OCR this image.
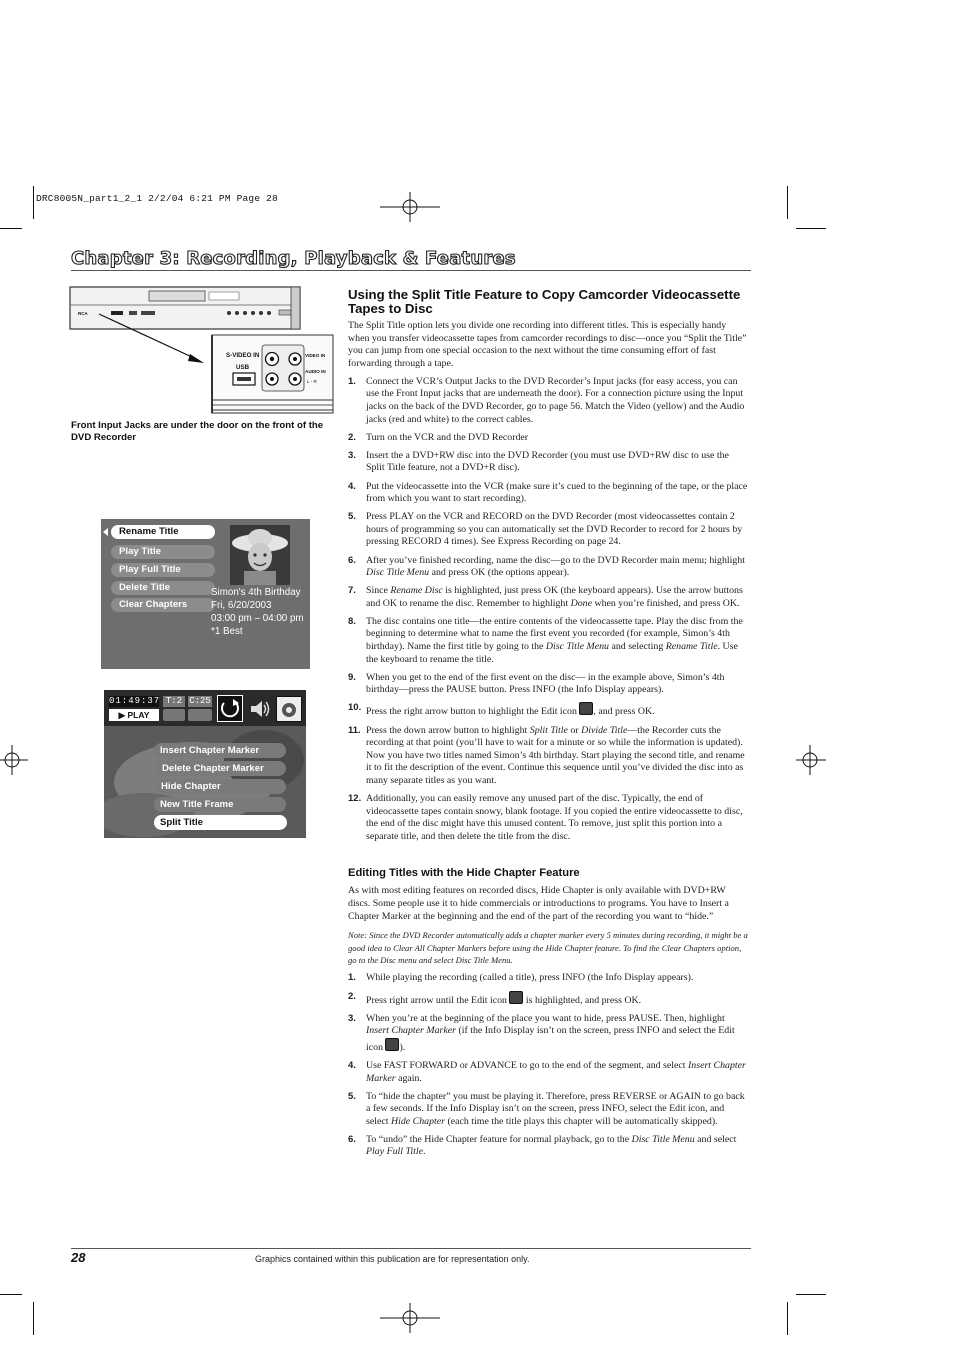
DRC8005N_part1_2_1 2/2/04 6:21 PM Page 28
Chapter 3: Recording, Playback & Features
S-VIDEO IN
USB
VIDEO IN
AUDIO IN
L - R
RCA
Front Input Jacks are under the door on the front of the DVD Recorder
Rename Title
Play Title
Play Full Title
Delete Title
Clear Chapters
Simon's 4th Birthday
Fri, 6/20/2003
03:00 pm – 04:00 pm
*1 Best
01:49:37
▶ PLAY
T:2 C:25
Insert Chapter Marker
Delete Chapter Marker
Hide Chapter
New Title Frame
Split Title
Using the Split Title Feature to Copy Camcorder Videocassette Tapes to Disc

The Split Title option lets you divide one recording into different titles. This is especially handy when you transfer videocassette tapes from camcorder recordings to disc—once you “Split the Title” you can jump from one special occasion to the next without the time consuming effort of fast forwarding through a tape.

1. Connect the VCR’s Output Jacks to the DVD Recorder’s Input jacks (for easy access, you can use the Front Input jacks that are underneath the door). For a connection picture using the Input jacks on the back of the DVD Recorder, go to page 56. Match the Video (yellow) and the Audio jacks (red and white) to the correct cables.
2. Turn on the VCR and the DVD Recorder
3. Insert the a DVD+RW disc into the DVD Recorder (you must use DVD+RW disc to use the Split Title feature, not a DVD+R disc).
4. Put the videocassette into the VCR (make sure it’s cued to the beginning of the tape, or the place from which you want to start recording).
5. Press PLAY on the VCR and RECORD on the DVD Recorder (most videocassettes contain 2 hours of programming so you can automatically set the DVD Recorder to record for 2 hours by pressing RECORD 4 times). See Express Recording on page 24.
6. After you’ve finished recording, name the disc—go to the DVD Recorder main menu; highlight Disc Title Menu and press OK (the options appear).
7. Since Rename Disc is highlighted, just press OK (the keyboard appears). Use the arrow buttons and OK to rename the disc. Remember to highlight Done when you’re finished, and press OK.
8. The disc contains one title—the entire contents of the videocassette tape. Play the disc from the beginning to determine what to name the first event you recorded (for example, Simon’s 4th birthday). Name the first title by going to the Disc Title Menu and selecting Rename Title. Use the keyboard to rename the title.
9. When you get to the end of the first event on the disc— in the example above, Simon’s 4th birthday—press the PAUSE button. Press INFO (the Info Display appears).
10. Press the right arrow button to highlight the Edit icon , and press OK.
11. Press the down arrow button to highlight Split Title or Divide Title—the Recorder cuts the recording at that point (you’ll have to wait for a minute or so while the information is updated). Now you have two titles named Simon’s 4th birthday. Start playing the second title, and rename it to fit the description of the event. Continue this sequence until you’ve divided the disc into as many separate titles as you want.
12. Additionally, you can easily remove any unused part of the disc. Typically, the end of videocassette tapes contain snowy, blank footage. If you copied the entire videocassette to disc, the end of the disc might have this unused content. To remove, just split this portion into a separate title, and then delete the title from the disc.
Editing Titles with the Hide Chapter Feature

As with most editing features on recorded discs, Hide Chapter is only available with DVD+RW discs. Some people use it to hide commercials or introductions to programs. You have to Insert a Chapter Marker at the beginning and the end of the part of the recording you want to “hide.”

Note: Since the DVD Recorder automatically adds a chapter marker every 5 minutes during recording, it might be a good idea to Clear All Chapter Markers before using the Hide Chapter feature. To find the Clear Chapters option, go to the Disc menu and select Disc Title Menu.

1. While playing the recording (called a title), press INFO (the Info Display appears).
2. Press right arrow until the Edit icon  is highlighted, and press OK.
3. When you’re at the beginning of the place you want to hide, press PAUSE. Then, highlight Insert Chapter Marker (if the Info Display isn’t on the screen, press INFO and select the Edit icon ).
4. Use FAST FORWARD or ADVANCE to go to the end of the segment, and select Insert Chapter Marker again.
5. To “hide the chapter” you must be playing it. Therefore, press REVERSE or AGAIN to go back a few seconds. If the Info Display isn’t on the screen, press INFO, select the Edit icon, and select Hide Chapter (each time the title plays this chapter will be automatically skipped).
6. To “undo” the Hide Chapter feature for normal playback, go to the Disc Title Menu and select Play Full Title.
28	Graphics contained within this publication are for representation only.
